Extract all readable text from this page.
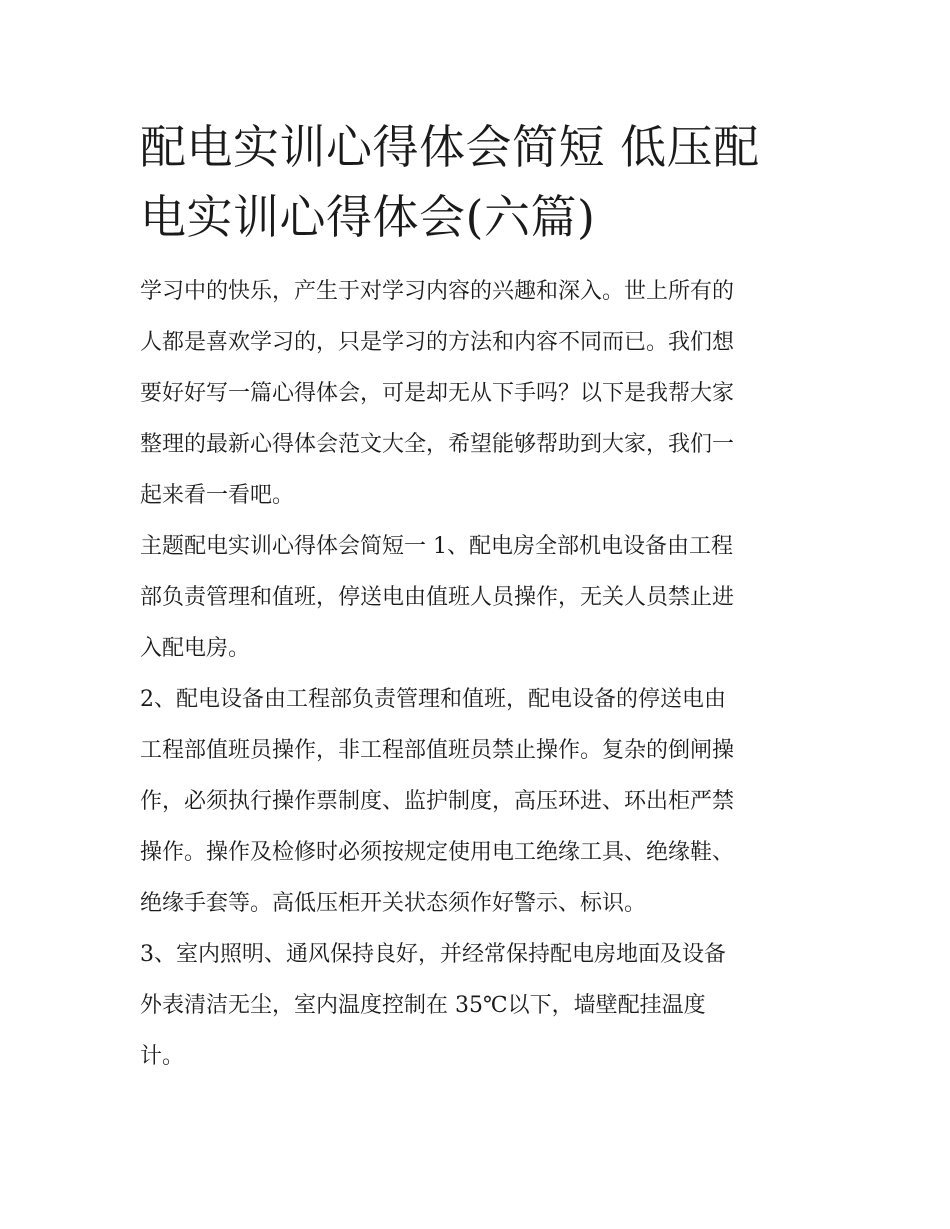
配电实训心得体会简短 低压配
电实训心得体会(六篇)

学习中的快乐，产生于对学习内容的兴趣和深入。世上所有的
人都是喜欢学习的，只是学习的方法和内容不同而已。我们想
要好好写一篇心得体会，可是却无从下手吗？以下是我帮大家
整理的最新心得体会范文大全，希望能够帮助到大家，我们一
起来看一看吧。

主题配电实训心得体会简短一 1、配电房全部机电设备由工程
部负责管理和值班，停送电由值班人员操作，无关人员禁止进
入配电房。

2、配电设备由工程部负责管理和值班，配电设备的停送电由
工程部值班员操作，非工程部值班员禁止操作。复杂的倒闸操
作，必须执行操作票制度、监护制度，高压环进、环出柜严禁
操作。操作及检修时必须按规定使用电工绝缘工具、绝缘鞋、
绝缘手套等。高低压柜开关状态须作好警示、标识。

3、室内照明、通风保持良好，并经常保持配电房地面及设备
外表清洁无尘，室内温度控制在 35℃以下，墙壁配挂温度
计。
